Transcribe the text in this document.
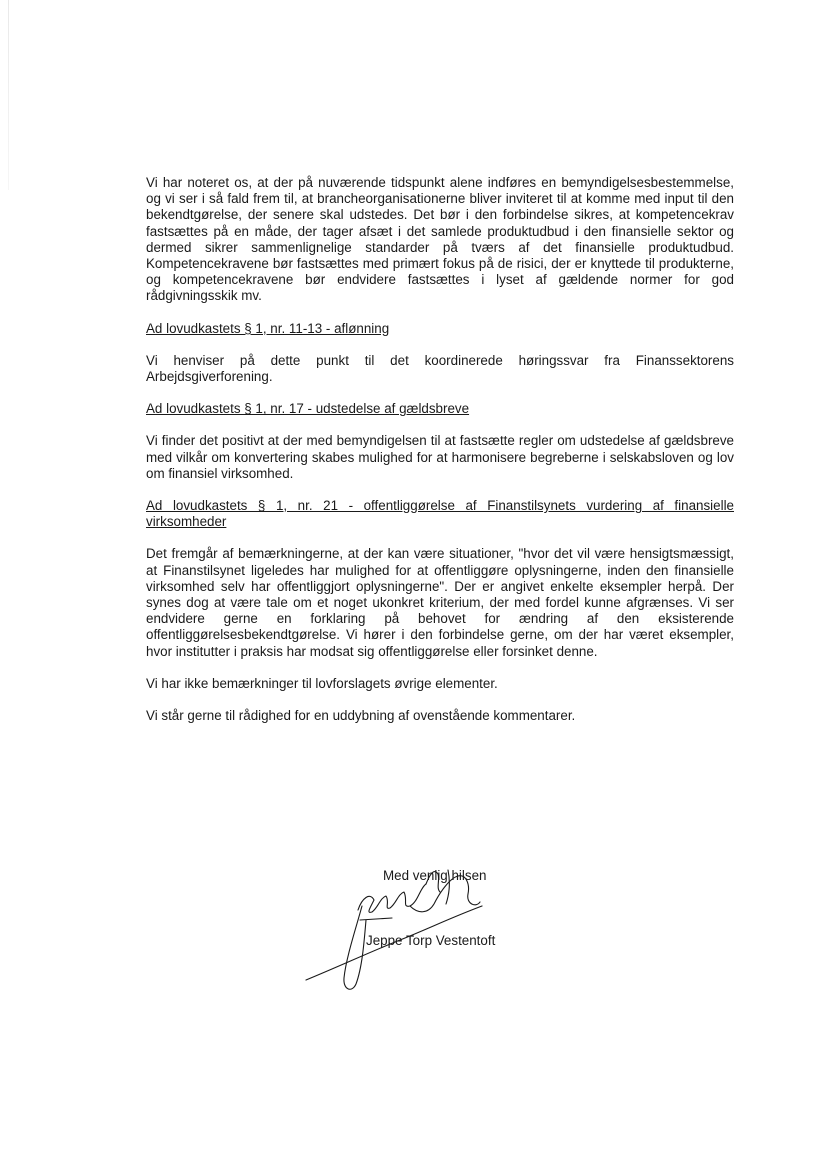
Vi har noteret os, at der på nuværende tidspunkt alene indføres en bemyndigelsesbestemmelse, og vi ser i så fald frem til, at brancheorganisationerne bliver inviteret til at komme med input til den bekendtgørelse, der senere skal udstedes. Det bør i den forbindelse sikres, at kompetencekrav fastsættes på en måde, der tager afsæt i det samlede produktudbud i den finansielle sektor og dermed sikrer sammenlignelige standarder på tværs af det finansielle produktudbud. Kompetencekravene bør fastsættes med primært fokus på de risici, der er knyttede til produkterne, og kompetencekravene bør endvidere fastsættes i lyset af gældende normer for god rådgivningsskik mv.

Ad lovudkastets § 1, nr. 11-13 - aflønning

Vi henviser på dette punkt til det koordinerede høringssvar fra Finanssektorens Arbejdsgiverforening.

Ad lovudkastets § 1, nr. 17 - udstedelse af gældsbreve

Vi finder det positivt at der med bemyndigelsen til at fastsætte regler om udstedelse af gældsbreve med vilkår om konvertering skabes mulighed for at harmonisere begreberne i selskabsloven og lov om finansiel virksomhed.

Ad lovudkastets § 1, nr. 21 - offentliggørelse af Finanstilsynets vurdering af finansielle virksomheder

Det fremgår af bemærkningerne, at der kan være situationer, "hvor det vil være hensigtsmæssigt, at Finanstilsynet ligeledes har mulighed for at offentliggøre oplysningerne, inden den finansielle virksomhed selv har offentliggjort oplysningerne". Der er angivet enkelte eksempler herpå. Der synes dog at være tale om et noget ukonkret kriterium, der med fordel kunne afgrænses. Vi ser endvidere gerne en forklaring på behovet for ændring af den eksisterende offentliggørelsesbekendtgørelse. Vi hører i den forbindelse gerne, om der har været eksempler, hvor institutter i praksis har modsat sig offentliggørelse eller forsinket denne.

Vi har ikke bemærkninger til lovforslagets øvrige elementer.

Vi står gerne til rådighed for en uddybning af ovenstående kommentarer.

Med venlig hilsen
Jeppe Torp Vestentoft
